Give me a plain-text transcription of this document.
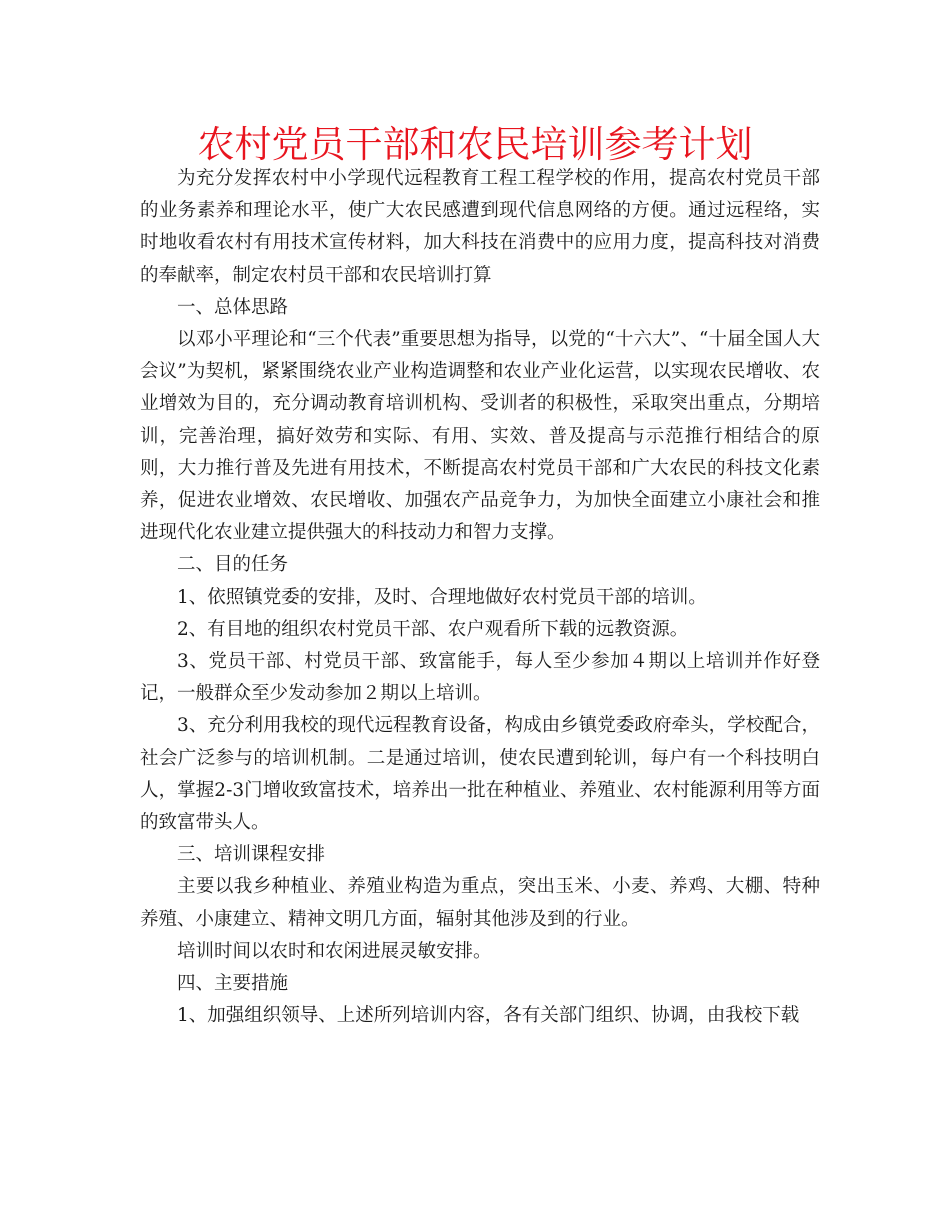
农村党员干部和农民培训参考计划

为充分发挥农村中小学现代远程教育工程工程学校的作用，提高农村党员干部的业务素养和理论水平，使广大农民感遭到现代信息网络的方便。通过远程络，实时地收看农村有用技术宣传材料，加大科技在消费中的应用力度，提高科技对消费的奉献率，制定农村员干部和农民培训打算

一、总体思路

以邓小平理论和“三个代表”重要思想为指导，以党的“十六大”、“十届全国人大会议”为契机，紧紧围绕农业产业构造调整和农业产业化运营，以实现农民增收、农业增效为目的，充分调动教育培训机构、受训者的积极性，采取突出重点，分期培训，完善治理，搞好效劳和实际、有用、实效、普及提高与示范推行相结合的原则，大力推行普及先进有用技术，不断提高农村党员干部和广大农民的科技文化素养，促进农业增效、农民增收、加强农产品竞争力，为加快全面建立小康社会和推进现代化农业建立提供强大的科技动力和智力支撑。

二、目的任务

1、依照镇党委的安排，及时、合理地做好农村党员干部的培训。

2、有目地的组织农村党员干部、农户观看所下载的远教资源。

3、党员干部、村党员干部、致富能手，每人至少参加４期以上培训并作好登记，一般群众至少发动参加２期以上培训。

3、充分利用我校的现代远程教育设备，构成由乡镇党委政府牵头，学校配合，社会广泛参与的培训机制。二是通过培训，使农民遭到轮训，每户有一个科技明白人，掌握2-3门增收致富技术，培养出一批在种植业、养殖业、农村能源利用等方面的致富带头人。

三、培训课程安排

主要以我乡种植业、养殖业构造为重点，突出玉米、小麦、养鸡、大棚、特种养殖、小康建立、精神文明几方面，辐射其他涉及到的行业。

培训时间以农时和农闲进展灵敏安排。

四、主要措施

1、加强组织领导、上述所列培训内容，各有关部门组织、协调，由我校下载
